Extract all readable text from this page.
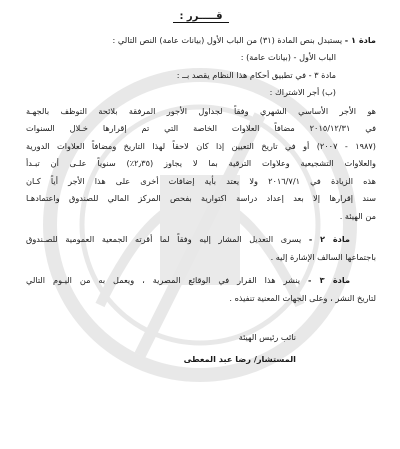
قـــــرر :
مادة ١ - يستبدل بنص المادة (٣١) من الباب الأول (بيانات عامة) النص التالي :
الباب الأول - (بيانات عامة) :
مادة ٣ - في تطبيق أحكام هذا النظام يقصد بــ :
(ب) أجر الاشتراك :
هو الأجر الأساسي الشهري وفقاً لجداول الأجور المرفقة بلائحة التوظف بالجهـة
في ٢٠١٥/١٢/٣١ مضافاً العلاوات الخاصة التي تم إقرارها خـلال السنوات
(١٩٨٧ - ٢٠٠٧) أو في تاريخ التعيين إذا كان لاحقاً لهذا التاريخ ومضافاً العلاوات الدورية
والعلاوات التشجيعية وعلاوات الترقية بما لا يجاوز (٢٫٣٥٪) سنوياً علـى أن تبـدأ
هذه الزيادة في ٢٠١٦/٧/١ ولا يعتد بأية إضافات أخرى على هذا الأجر أياً كـان
سند إقرارها إلا بعد إعداد دراسة اكتوارية بفحص المركز المالي للصندوق واعتمادهـا
من الهيئة .
مادة ٢ - يسرى التعديل المشار إليه وفقاً لما أقرته الجمعية العمومية للصـندوق
باجتماعها السالف الإشارة إليه .
مادة ٣ - ينشر هذا القرار في الوقائع المصرية ، ويعمل به من اليـوم التالي
لتاريخ النشر ، وعلى الجهات المعنية تنفيذه .
نائب رئيس الهيئة
المستشار/ رضا عبد المعطى
